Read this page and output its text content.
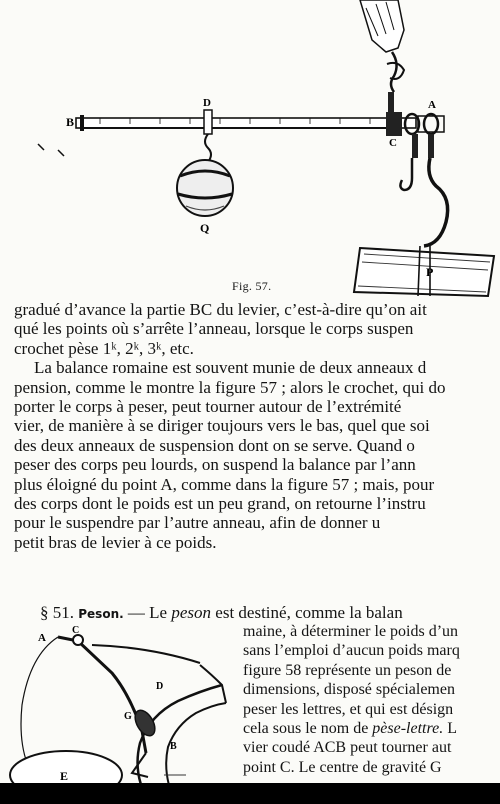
B
D	A
C
Q
P
Fig. 57.

gradué d’avance la partie BC du levier, c’est-à-dire qu’on ait

qué les points où s’arrête l’anneau, lorsque le corps suspen

crochet pèse 1ᵏ, 2ᵏ, 3ᵏ, etc.

La balance romaine est souvent munie de deux anneaux d

pension, comme le montre la figure 57 ; alors le crochet, qui do

porter le corps à peser, peut tourner autour de l’extrémité

vier, de manière à se diriger toujours vers le bas, quel que soi

des deux anneaux de suspension dont on se serve. Quand o

peser des corps peu lourds, on suspend la balance par l’ann

plus éloigné du point A, comme dans la figure 57 ; mais, pour

des corps dont le poids est un peu grand, on retourne l’instru

pour le suspendre par l’autre anneau, afin de donner u

petit bras de levier à ce poids.

§ 51. Peson. — Le peson est destiné, comme la balan

maine, à déterminer le poids d’un

sans l’emploi d’aucun poids marq

figure 58 représente un peson de

dimensions, disposé spécialemen

peser les lettres, et qui est désign

cela sous le nom de pèse-lettre. L

vier coudé ACB peut tourner aut

point C. Le centre de gravité G

A
C
D
G
B
E
